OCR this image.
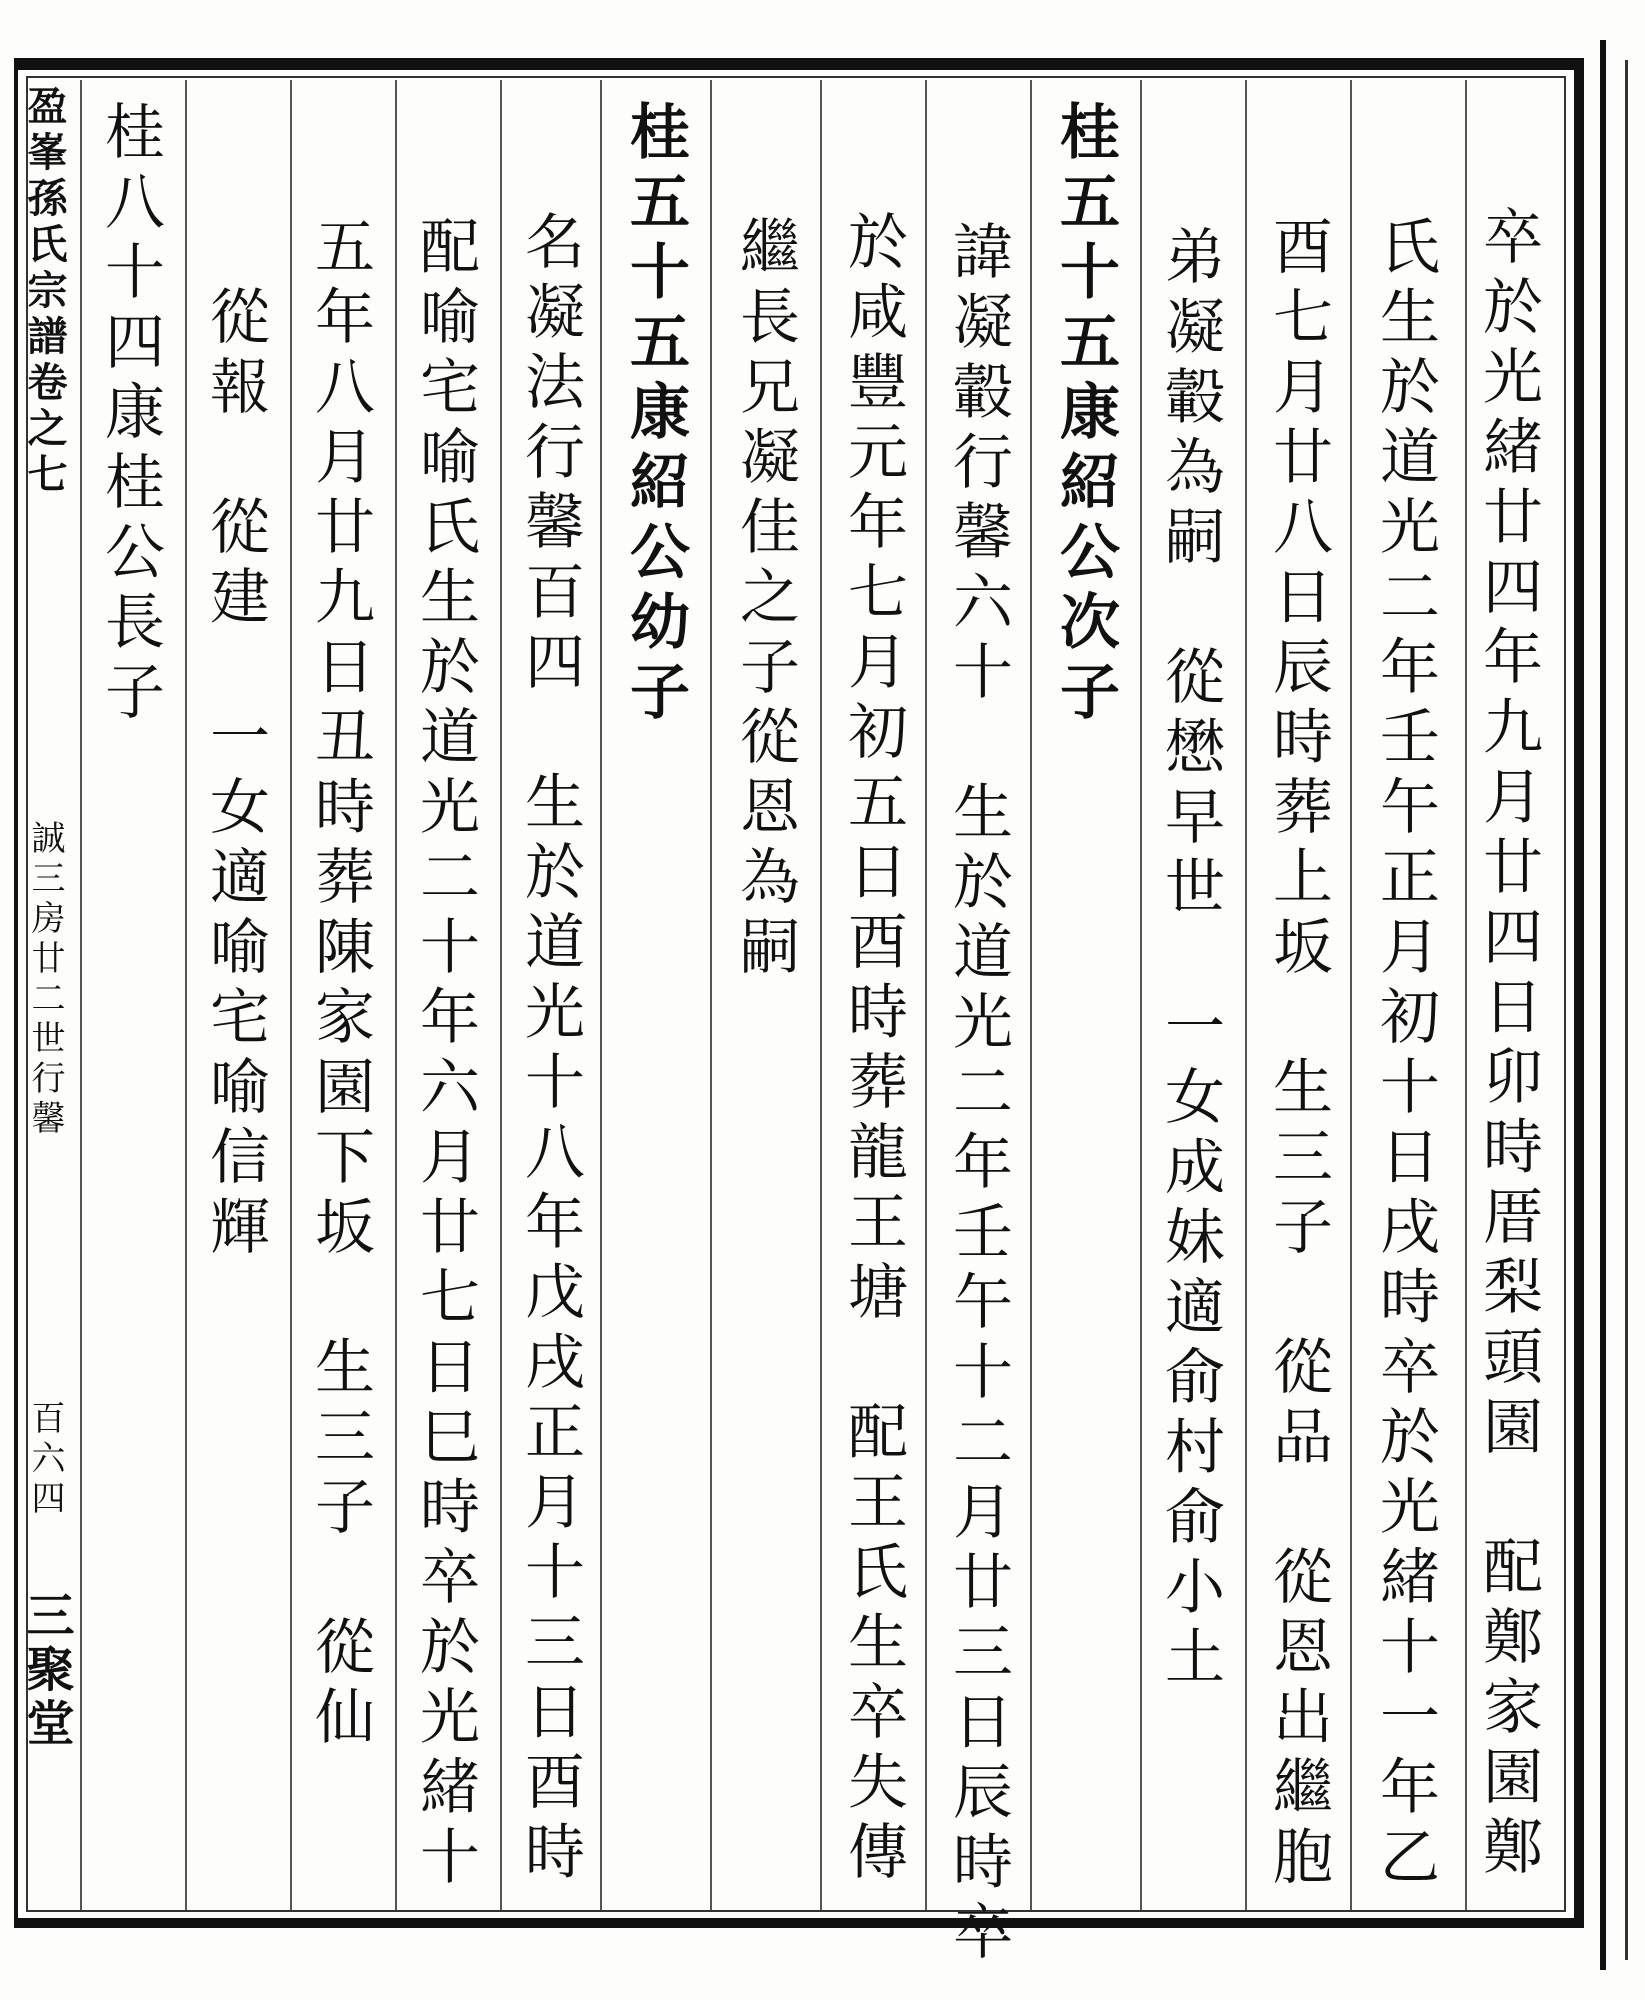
卒於光緒廿四年九月廿四日卯時厝梨頭園　配鄭家園鄭
氏生於道光二年壬午正月初十日戌時卒於光緒十一年乙
酉七月廿八日辰時葬上坂　生三子　從品　從恩出繼胞
弟凝轂為嗣　從懋早世　一女成妹適俞村俞小土
桂五十五康紹公次子
　諱凝轂行馨六十　生於道光二年壬午十二月廿三日辰時卒
於咸豐元年七月初五日酉時葬龍王塘　配王氏生卒失傳
繼長兄凝佳之子從恩為嗣
桂五十五康紹公幼子
　名凝法行馨百四　生於道光十八年戊戌正月十三日酉時
配喻宅喻氏生於道光二十年六月廿七日巳時卒於光緒十
五年八月廿九日丑時葬陳家園下坂　生三子　從仙
　從報　從建　一女適喻宅喻信輝
桂八十四康桂公長子
盈峯孫氏宗譜卷之七
誠三房廿二世行馨
百六四
三聚堂
